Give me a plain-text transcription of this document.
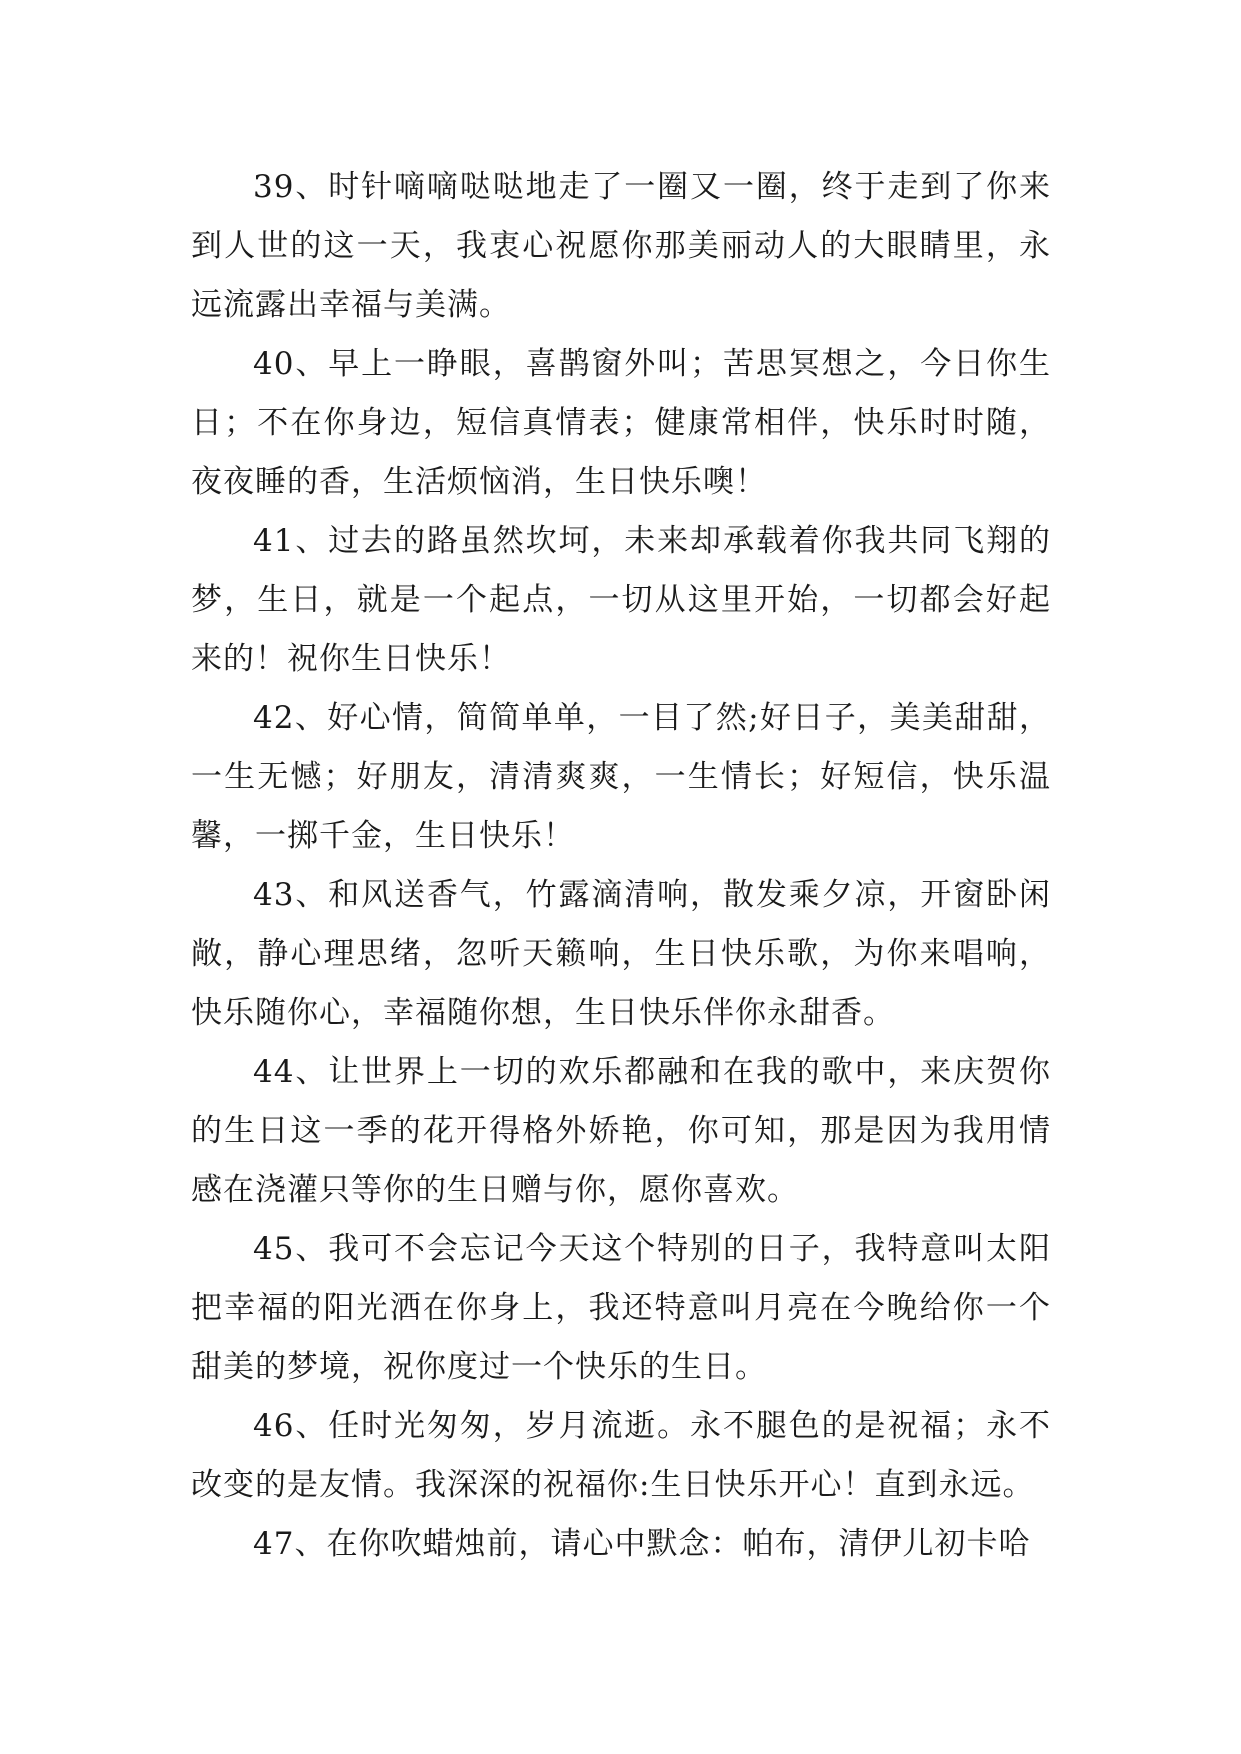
39、时针嘀嘀哒哒地走了一圈又一圈，终于走到了你来到人世的这一天，我衷心祝愿你那美丽动人的大眼睛里，永远流露出幸福与美满。

40、早上一睁眼，喜鹊窗外叫；苦思冥想之，今日你生日；不在你身边，短信真情表；健康常相伴，快乐时时随，夜夜睡的香，生活烦恼消，生日快乐噢！

41、过去的路虽然坎坷，未来却承载着你我共同飞翔的梦，生日，就是一个起点，一切从这里开始，一切都会好起来的！祝你生日快乐！

42、好心情，简简单单，一目了然;好日子，美美甜甜，一生无憾；好朋友，清清爽爽，一生情长；好短信，快乐温馨，一掷千金，生日快乐！

43、和风送香气，竹露滴清响，散发乘夕凉，开窗卧闲敞，静心理思绪，忽听天籁响，生日快乐歌，为你来唱响，快乐随你心，幸福随你想，生日快乐伴你永甜香。

44、让世界上一切的欢乐都融和在我的歌中，来庆贺你的生日这一季的花开得格外娇艳，你可知，那是因为我用情感在浇灌只等你的生日赠与你，愿你喜欢。

45、我可不会忘记今天这个特别的日子，我特意叫太阳把幸福的阳光洒在你身上，我还特意叫月亮在今晚给你一个甜美的梦境，祝你度过一个快乐的生日。

46、任时光匆匆，岁月流逝。永不腿色的是祝福；永不改变的是友情。我深深的祝福你:生日快乐开心！直到永远。

47、在你吹蜡烛前，请心中默念：帕布，清伊儿初卡哈
